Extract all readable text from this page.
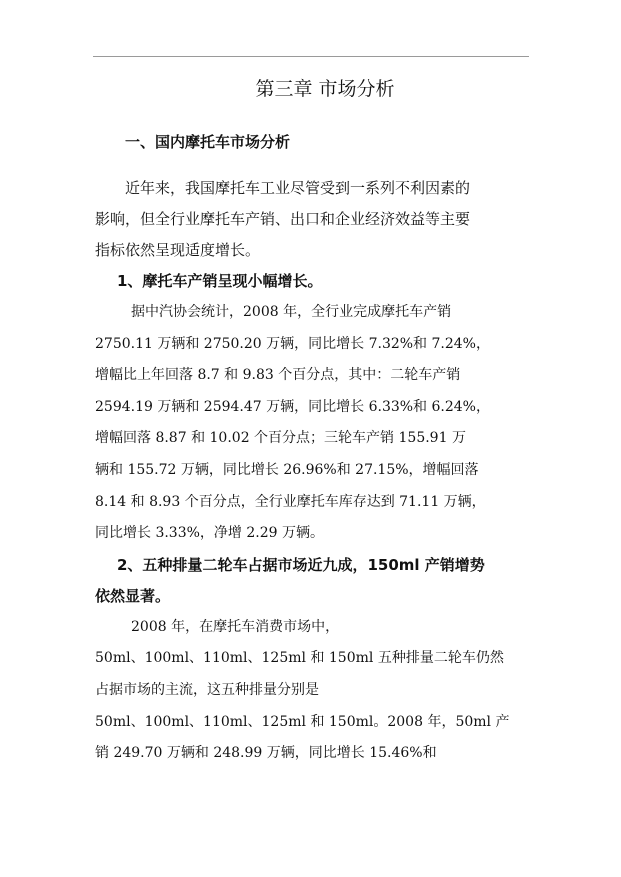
第三章 市场分析
一、国内摩托车市场分析
近年来，我国摩托车工业尽管受到一系列不利因素的
影响，但全行业摩托车产销、出口和企业经济效益等主要
指标依然呈现适度增长。
1、摩托车产销呈现小幅增长。
据中汽协会统计，2008 年，全行业完成摩托车产销
2750.11 万辆和 2750.20 万辆，同比增长 7.32%和 7.24%，
增幅比上年回落 8.7 和 9.83 个百分点，其中：二轮车产销
2594.19 万辆和 2594.47 万辆，同比增长 6.33%和 6.24%，
增幅回落 8.87 和 10.02 个百分点；三轮车产销 155.91 万
辆和 155.72 万辆，同比增长 26.96%和 27.15%，增幅回落
8.14 和 8.93 个百分点，全行业摩托车库存达到 71.11 万辆，
同比增长 3.33%，净增 2.29 万辆。
2、五种排量二轮车占据市场近九成，150ml 产销增势
依然显著。
2008 年，在摩托车消费市场中，
50ml、100ml、110ml、125ml 和 150ml 五种排量二轮车仍然
占据市场的主流，这五种排量分别是
50ml、100ml、110ml、125ml 和 150ml。2008 年，50ml 产
销 249.70 万辆和 248.99 万辆，同比增长 15.46%和
